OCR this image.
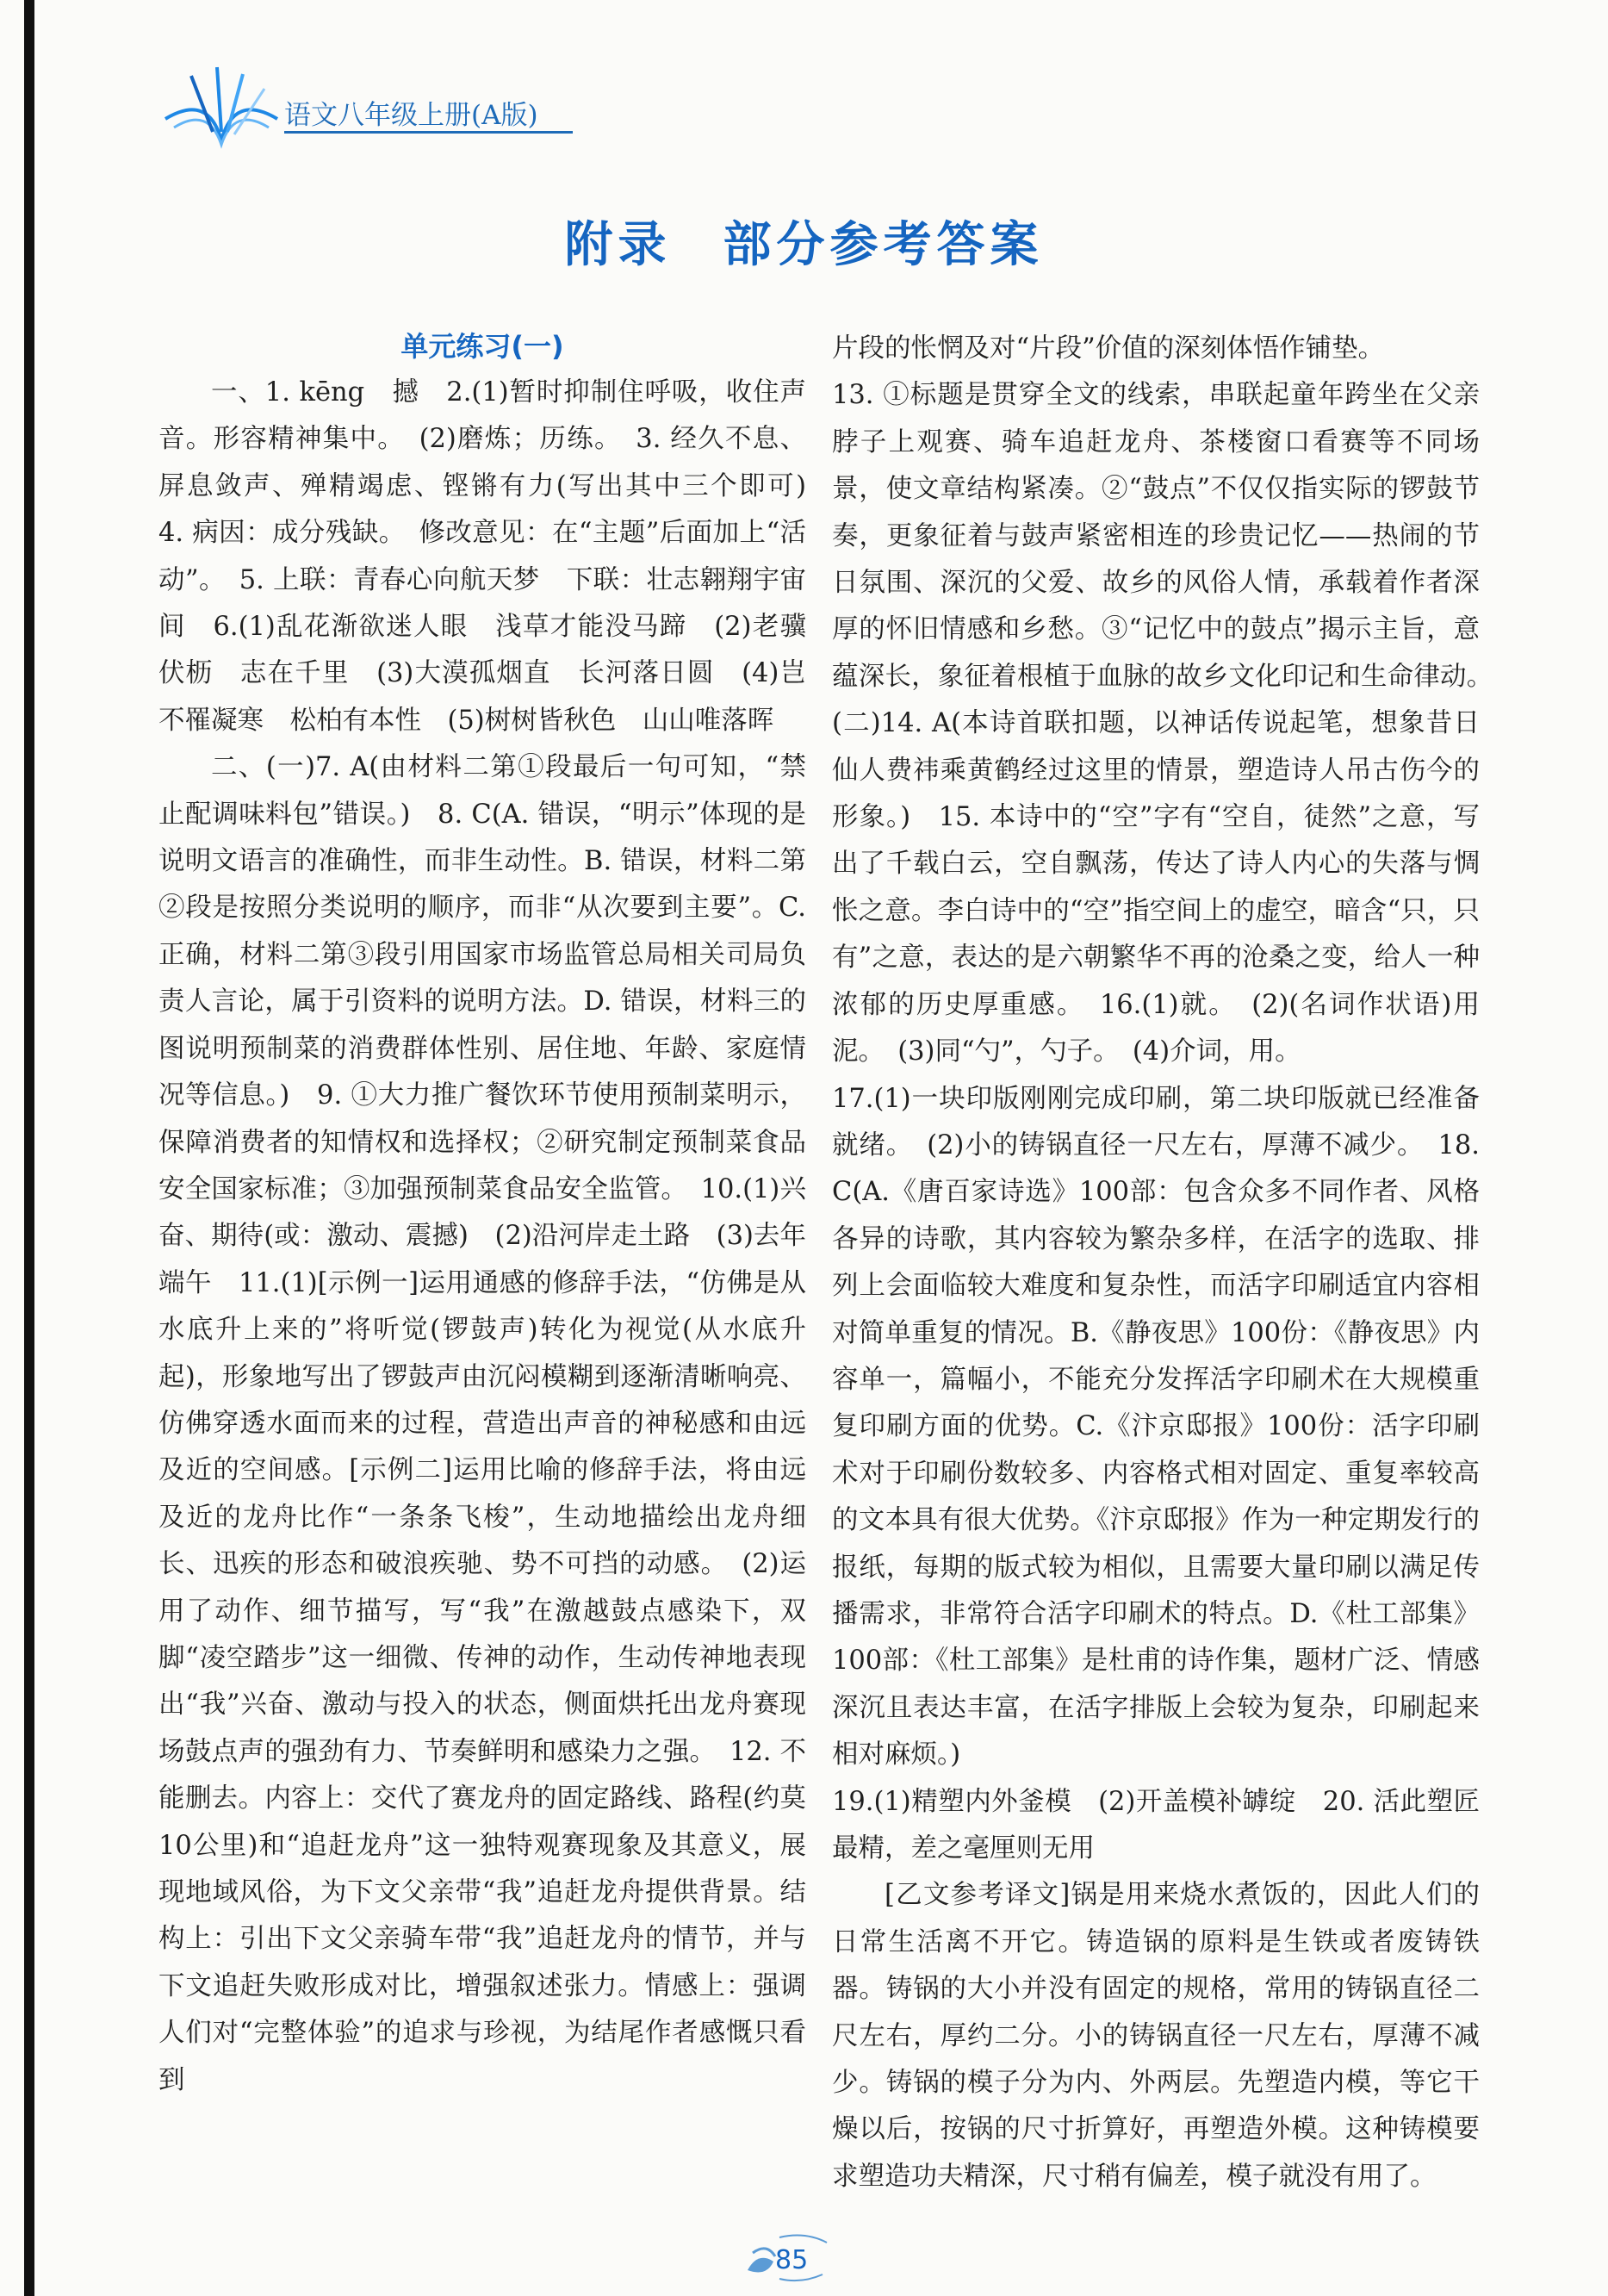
语文八年级上册(A版)
附录 部分参考答案

单元练习(一)

一、1. kēng　撼　2.(1)暂时抑制住呼吸，收住声音。形容精神集中。　(2)磨炼；历练。　3. 经久不息、屏息敛声、殚精竭虑、铿锵有力(写出其中三个即可)　4. 病因：成分残缺。　修改意见：在“主题”后面加上“活动”。　5. 上联：青春心向航天梦　下联：壮志翱翔宇宙间　6.(1)乱花渐欲迷人眼　浅草才能没马蹄　(2)老骥伏枥　志在千里　(3)大漠孤烟直　长河落日圆　(4)岂不罹凝寒　松柏有本性　(5)树树皆秋色　山山唯落晖

二、(一)7. A(由材料二第①段最后一句可知，“禁止配调味料包”错误。)　8. C(A. 错误，“明示”体现的是说明文语言的准确性，而非生动性。B. 错误，材料二第②段是按照分类说明的顺序，而非“从次要到主要”。C. 正确，材料二第③段引用国家市场监管总局相关司局负责人言论，属于引资料的说明方法。D. 错误，材料三的图说明预制菜的消费群体性别、居住地、年龄、家庭情况等信息。)　9. ①大力推广餐饮环节使用预制菜明示，保障消费者的知情权和选择权；②研究制定预制菜食品安全国家标准；③加强预制菜食品安全监管。　10.(1)兴奋、期待(或：激动、震撼)　(2)沿河岸走土路　(3)去年端午　11.(1)[示例一]运用通感的修辞手法，“仿佛是从水底升上来的”将听觉(锣鼓声)转化为视觉(从水底升起)，形象地写出了锣鼓声由沉闷模糊到逐渐清晰响亮、仿佛穿透水面而来的过程，营造出声音的神秘感和由远及近的空间感。[示例二]运用比喻的修辞手法，将由远及近的龙舟比作“一条条飞梭”，生动地描绘出龙舟细长、迅疾的形态和破浪疾驰、势不可挡的动感。　(2)运用了动作、细节描写，写“我”在激越鼓点感染下，双脚“凌空踏步”这一细微、传神的动作，生动传神地表现出“我”兴奋、激动与投入的状态，侧面烘托出龙舟赛现场鼓点声的强劲有力、节奏鲜明和感染力之强。　12. 不能删去。内容上：交代了赛龙舟的固定路线、路程(约莫10公里)和“追赶龙舟”这一独特观赛现象及其意义，展现地域风俗，为下文父亲带“我”追赶龙舟提供背景。结构上：引出下文父亲骑车带“我”追赶龙舟的情节，并与下文追赶失败形成对比，增强叙述张力。情感上：强调人们对“完整体验”的追求与珍视，为结尾作者感慨只看到

片段的怅惘及对“片段”价值的深刻体悟作铺垫。

13. ①标题是贯穿全文的线索，串联起童年跨坐在父亲脖子上观赛、骑车追赶龙舟、茶楼窗口看赛等不同场景，使文章结构紧凑。②“鼓点”不仅仅指实际的锣鼓节奏，更象征着与鼓声紧密相连的珍贵记忆——热闹的节日氛围、深沉的父爱、故乡的风俗人情，承载着作者深厚的怀旧情感和乡愁。③“记忆中的鼓点”揭示主旨，意蕴深长，象征着根植于血脉的故乡文化印记和生命律动。　(二)14. A(本诗首联扣题，以神话传说起笔，想象昔日仙人费祎乘黄鹤经过这里的情景，塑造诗人吊古伤今的形象。)　15. 本诗中的“空”字有“空自，徒然”之意，写出了千载白云，空自飘荡，传达了诗人内心的失落与惆怅之意。李白诗中的“空”指空间上的虚空，暗含“只，只有”之意，表达的是六朝繁华不再的沧桑之变，给人一种浓郁的历史厚重感。　16.(1)就。　(2)(名词作状语)用泥。　(3)同“勺”，勺子。　(4)介词，用。

17.(1)一块印版刚刚完成印刷，第二块印版就已经准备就绪。　(2)小的铸锅直径一尺左右，厚薄不减少。　18. C(A.《唐百家诗选》100部：包含众多不同作者、风格各异的诗歌，其内容较为繁杂多样，在活字的选取、排列上会面临较大难度和复杂性，而活字印刷适宜内容相对简单重复的情况。B.《静夜思》100份：《静夜思》内容单一，篇幅小，不能充分发挥活字印刷术在大规模重复印刷方面的优势。C.《汴京邸报》100份：活字印刷术对于印刷份数较多、内容格式相对固定、重复率较高的文本具有很大优势。《汴京邸报》作为一种定期发行的报纸，每期的版式较为相似，且需要大量印刷以满足传播需求，非常符合活字印刷术的特点。D.《杜工部集》100部：《杜工部集》是杜甫的诗作集，题材广泛、情感深沉且表达丰富，在活字排版上会较为复杂，印刷起来相对麻烦。)

19.(1)精塑内外釜模　(2)开盖模补罅绽　20. 活此塑匠最精，差之毫厘则无用

[乙文参考译文]锅是用来烧水煮饭的，因此人们的日常生活离不开它。铸造锅的原料是生铁或者废铸铁器。铸锅的大小并没有固定的规格，常用的铸锅直径二尺左右，厚约二分。小的铸锅直径一尺左右，厚薄不减少。铸锅的模子分为内、外两层。先塑造内模，等它干燥以后，按锅的尺寸折算好，再塑造外模。这种铸模要求塑造功夫精深，尺寸稍有偏差，模子就没有用了。

85
